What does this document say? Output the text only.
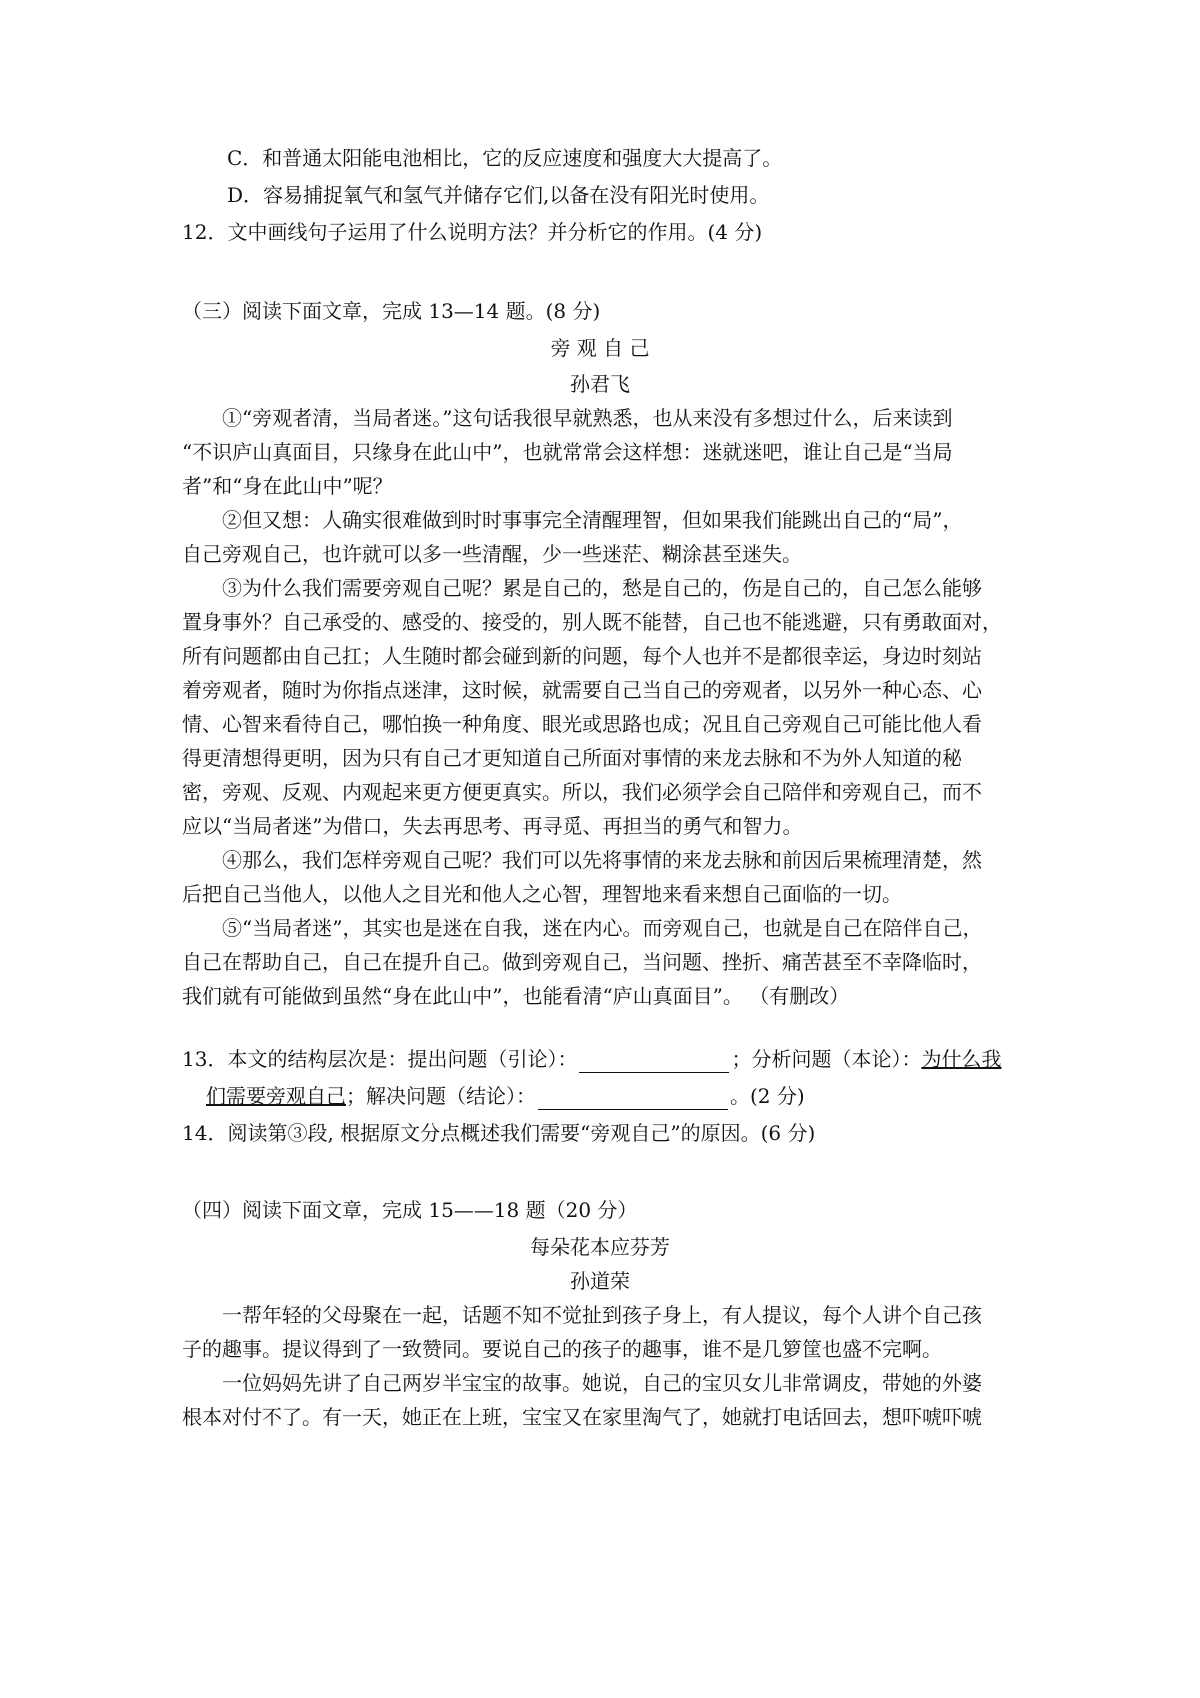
C．和普通太阳能电池相比，它的反应速度和强度大大提高了。
D．容易捕捉氧气和氢气并储存它们,以备在没有阳光时使用。
12．文中画线句子运用了什么说明方法？并分析它的作用。(4 分)
（三）阅读下面文章，完成 13—14 题。(8 分)
旁 观 自 己
孙君飞
①“旁观者清，当局者迷。”这句话我很早就熟悉，也从来没有多想过什么，后来读到
“不识庐山真面目，只缘身在此山中”，也就常常会这样想：迷就迷吧，谁让自己是“当局
者”和“身在此山中”呢？
②但又想：人确实很难做到时时事事完全清醒理智，但如果我们能跳出自己的“局”，
自己旁观自己，也许就可以多一些清醒，少一些迷茫、糊涂甚至迷失。
③为什么我们需要旁观自己呢？累是自己的，愁是自己的，伤是自己的，自己怎么能够
置身事外？自己承受的、感受的、接受的，别人既不能替，自己也不能逃避，只有勇敢面对，
所有问题都由自己扛；人生随时都会碰到新的问题，每个人也并不是都很幸运，身边时刻站
着旁观者，随时为你指点迷津，这时候，就需要自己当自己的旁观者，以另外一种心态、心
情、心智来看待自己，哪怕换一种角度、眼光或思路也成；况且自己旁观自己可能比他人看
得更清想得更明，因为只有自己才更知道自己所面对事情的来龙去脉和不为外人知道的秘
密，旁观、反观、内观起来更方便更真实。所以，我们必须学会自己陪伴和旁观自己，而不
应以“当局者迷”为借口，失去再思考、再寻觅、再担当的勇气和智力。
④那么，我们怎样旁观自己呢？我们可以先将事情的来龙去脉和前因后果梳理清楚，然
后把自己当他人，以他人之目光和他人之心智，理智地来看来想自己面临的一切。
⑤“当局者迷”，其实也是迷在自我，迷在内心。而旁观自己，也就是自己在陪伴自己，
自己在帮助自己，自己在提升自己。做到旁观自己，当问题、挫折、痛苦甚至不幸降临时，
我们就有可能做到虽然“身在此山中”，也能看清“庐山真面目”。 （有删改）
13．本文的结构层次是：提出问题（引论）：	；分析问题（本论）：为什么我
们需要旁观自己；解决问题（结论）：	。(2 分)
14．阅读第③段, 根据原文分点概述我们需要“旁观自己”的原因。(6 分)
（四）阅读下面文章，完成 15——18 题（20 分）
每朵花本应芬芳
孙道荣
一帮年轻的父母聚在一起，话题不知不觉扯到孩子身上，有人提议，每个人讲个自己孩
子的趣事。提议得到了一致赞同。要说自己的孩子的趣事，谁不是几箩筐也盛不完啊。
一位妈妈先讲了自己两岁半宝宝的故事。她说，自己的宝贝女儿非常调皮，带她的外婆
根本对付不了。有一天，她正在上班，宝宝又在家里淘气了，她就打电话回去，想吓唬吓唬
